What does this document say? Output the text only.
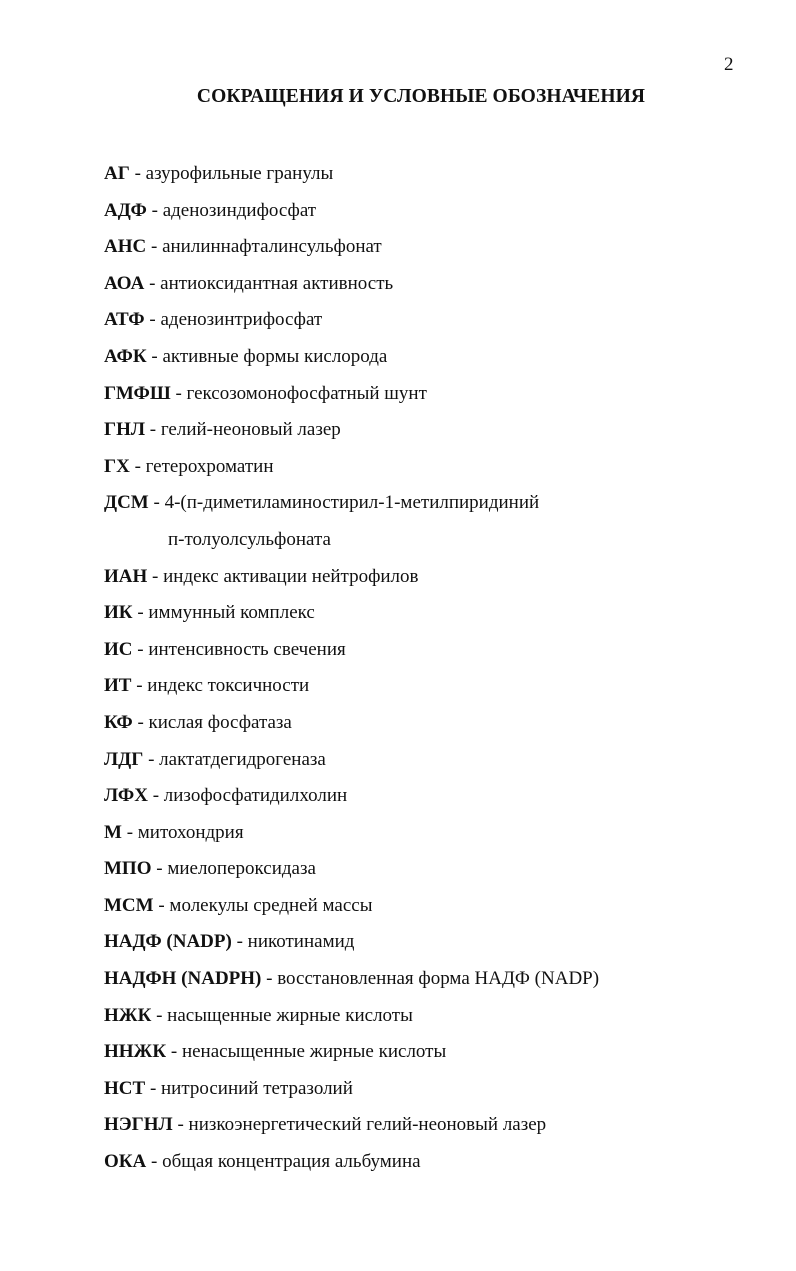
2
СОКРАЩЕНИЯ И УСЛОВНЫЕ ОБОЗНАЧЕНИЯ
АГ - азурофильные гранулы
АДФ - аденозиндифосфат
АНС - анилиннафталинсульфонат
АОА - антиоксидантная активность
АТФ - аденозинтрифосфат
АФК - активные формы кислорода
ГМФШ - гексозомонофосфатный шунт
ГНЛ - гелий-неоновый лазер
ГХ - гетерохроматин
ДСМ - 4-(п-диметиламиностирил-1-метилпиридиний
п-толуолсульфоната
ИАН - индекс активации нейтрофилов
ИК - иммунный комплекс
ИС - интенсивность свечения
ИТ - индекс токсичности
КФ - кислая фосфатаза
ЛДГ - лактатдегидрогеназа
ЛФХ - лизофосфатидилхолин
М - митохондрия
МПО - миелопероксидаза
МСМ - молекулы средней массы
НАДФ (NADP) - никотинамид
НАДФН (NADPH) - восстановленная форма НАДФ (NADP)
НЖК - насыщенные жирные кислоты
ННЖК - ненасыщенные жирные кислоты
НСТ - нитросиний тетразолий
НЭГНЛ - низкоэнергетический гелий-неоновый лазер
ОКА - общая концентрация альбумина
